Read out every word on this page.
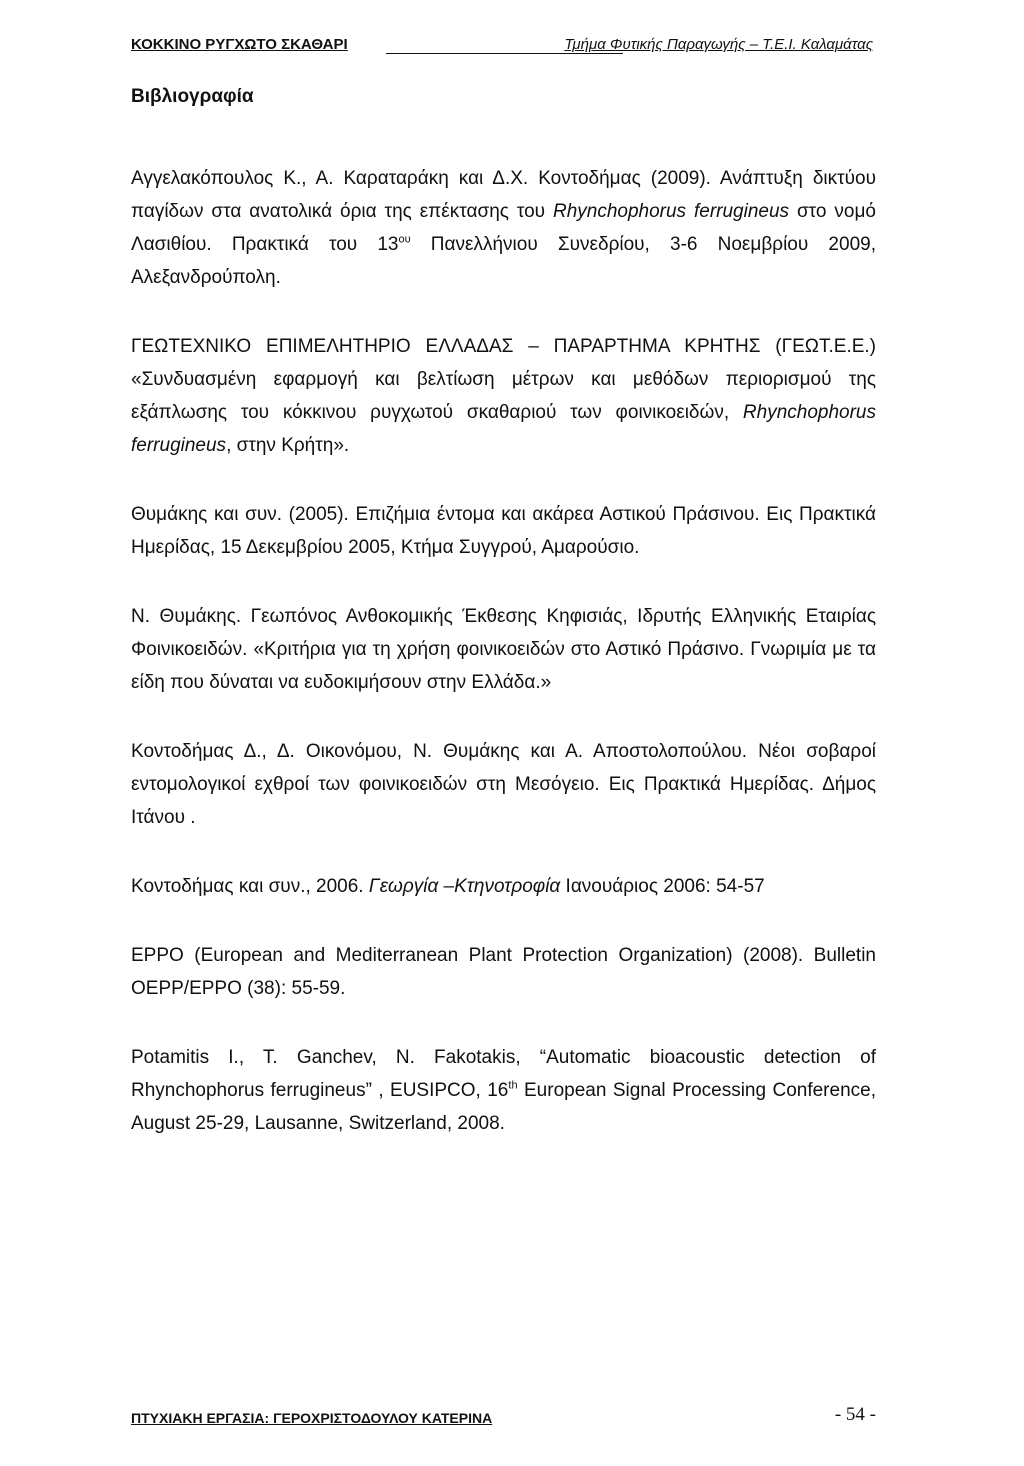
ΚΟΚΚΙΝΟ ΡΥΓΧΩΤΟ ΣΚΑΘΑΡΙ	Τμήμα Φυτικής Παραγωγής – Τ.Ε.Ι. Καλαμάτας
Βιβλιογραφία

Αγγελακόπουλος Κ., Α. Καραταράκη και Δ.Χ. Κοντοδήμας (2009). Ανάπτυξη δικτύου παγίδων στα ανατολικά όρια της επέκτασης του Rhynchophorus ferrugineus στο νομό Λασιθίου. Πρακτικά του $13^{o\upsilon}$ Πανελλήνιου Συνεδρίου, 3-6 Νοεμβρίου 2009, Αλεξανδρούπολη.

ΓΕΩΤΕΧΝΙΚΟ ΕΠΙΜΕΛΗΤΗΡΙΟ ΕΛΛΑΔΑΣ – ΠΑΡΑΡΤΗΜΑ ΚΡΗΤΗΣ (ΓΕΩΤ.Ε.Ε.) «Συνδυασμένη εφαρμογή και βελτίωση μέτρων και μεθόδων περιορισμού της εξάπλωσης του κόκκινου ρυγχωτού σκαθαριού των φοινικοειδών, Rhynchophorus ferrugineus, στην Κρήτη».

Θυμάκης και συν. (2005). Επιζήμια έντομα και ακάρεα Αστικού Πράσινου. Εις Πρακτικά Ημερίδας, 15 Δεκεμβρίου 2005, Κτήμα Συγγρού, Αμαρούσιο.

Ν. Θυμάκης. Γεωπόνος Ανθοκομικής Έκθεσης Κηφισιάς, Ιδρυτής Ελληνικής Εταιρίας Φοινικοειδών. «Κριτήρια για τη χρήση φοινικοειδών στο Αστικό Πράσινο. Γνωριμία με τα είδη που δύναται να ευδοκιμήσουν στην Ελλάδα.»

Κοντοδήμας Δ., Δ. Οικονόμου, Ν. Θυμάκης και Α. Αποστολοπούλου. Νέοι σοβαροί εντομολογικοί εχθροί των φοινικοειδών στη Μεσόγειο. Εις Πρακτικά Ημερίδας. Δήμος Ιτάνου .

Κοντοδήμας και συν., 2006. Γεωργία –Κτηνοτροφία Ιανουάριος 2006: 54-57

EPPO (European and Mediterranean Plant Protection Organization) (2008). Bulletin OEPP/EPPO (38): 55-59.

Potamitis I., T. Ganchev, N. Fakotakis, “Automatic bioacoustic detection of Rhynchophorus ferrugineus” , EUSIPCO, 16th European Signal Processing Conference, August 25-29, Lausanne, Switzerland, 2008.

ΠΤΥΧΙΑΚΗ ΕΡΓΑΣΙΑ: ΓΕΡΟΧΡΙΣΤΟΔΟΥΛΟΥ ΚΑΤΕΡΙΝΑ	- 54 -
